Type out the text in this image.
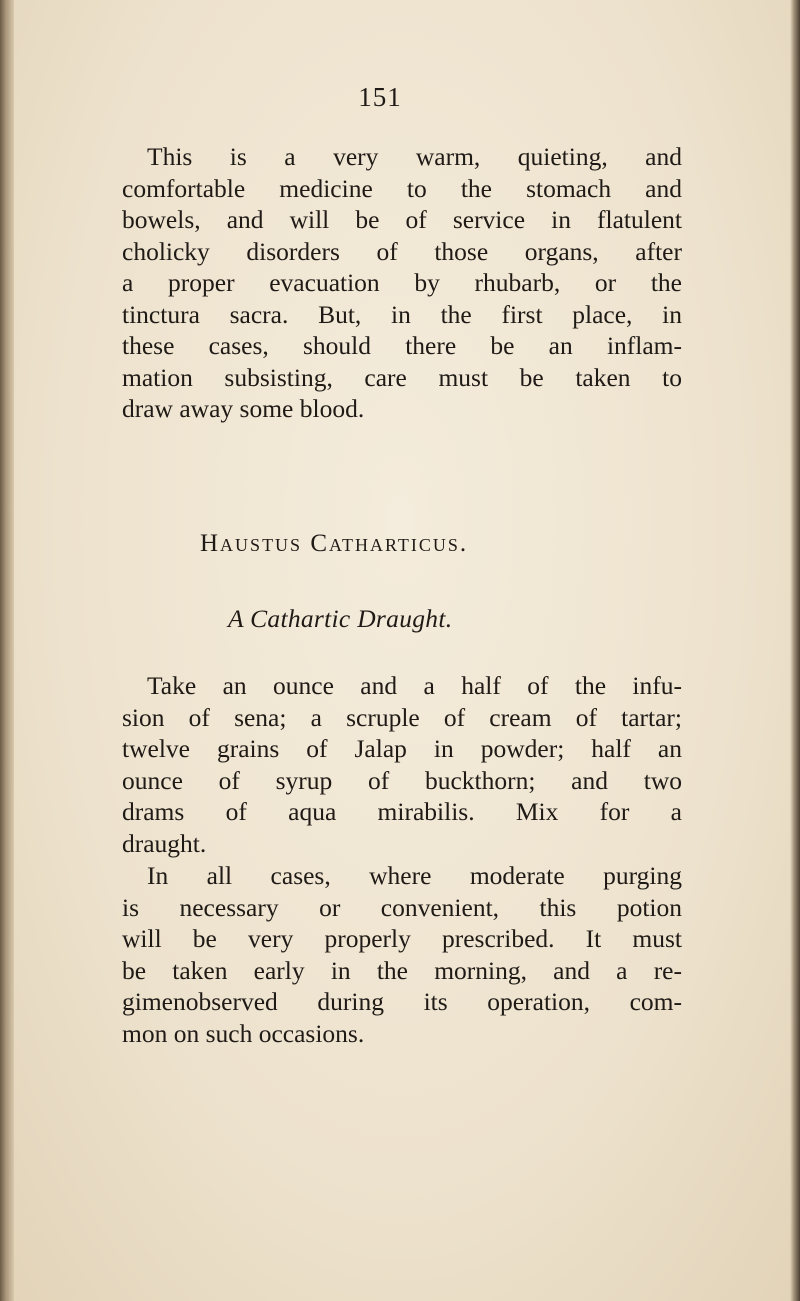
151
This is a very warm, quieting, and
comfortable medicine to the stomach and
bowels, and will be of service in flatulent
cholicky disorders of those organs, after
a proper evacuation by rhubarb, or the
tinctura sacra. But, in the first place, in
these cases, should there be an inflam-
mation subsisting, care must be taken to
draw away some blood.
Haustus Catharticus.
A Cathartic Draught.
Take an ounce and a half of the infu-
sion of sena; a scruple of cream of tartar;
twelve grains of Jalap in powder; half an
ounce of syrup of buckthorn; and two
drams of aqua mirabilis. Mix for a
draught.
In all cases, where moderate purging
is necessary or convenient, this potion
will be very properly prescribed. It must
be taken early in the morning, and a re-
gimenobserved during its operation, com-
mon on such occasions.
